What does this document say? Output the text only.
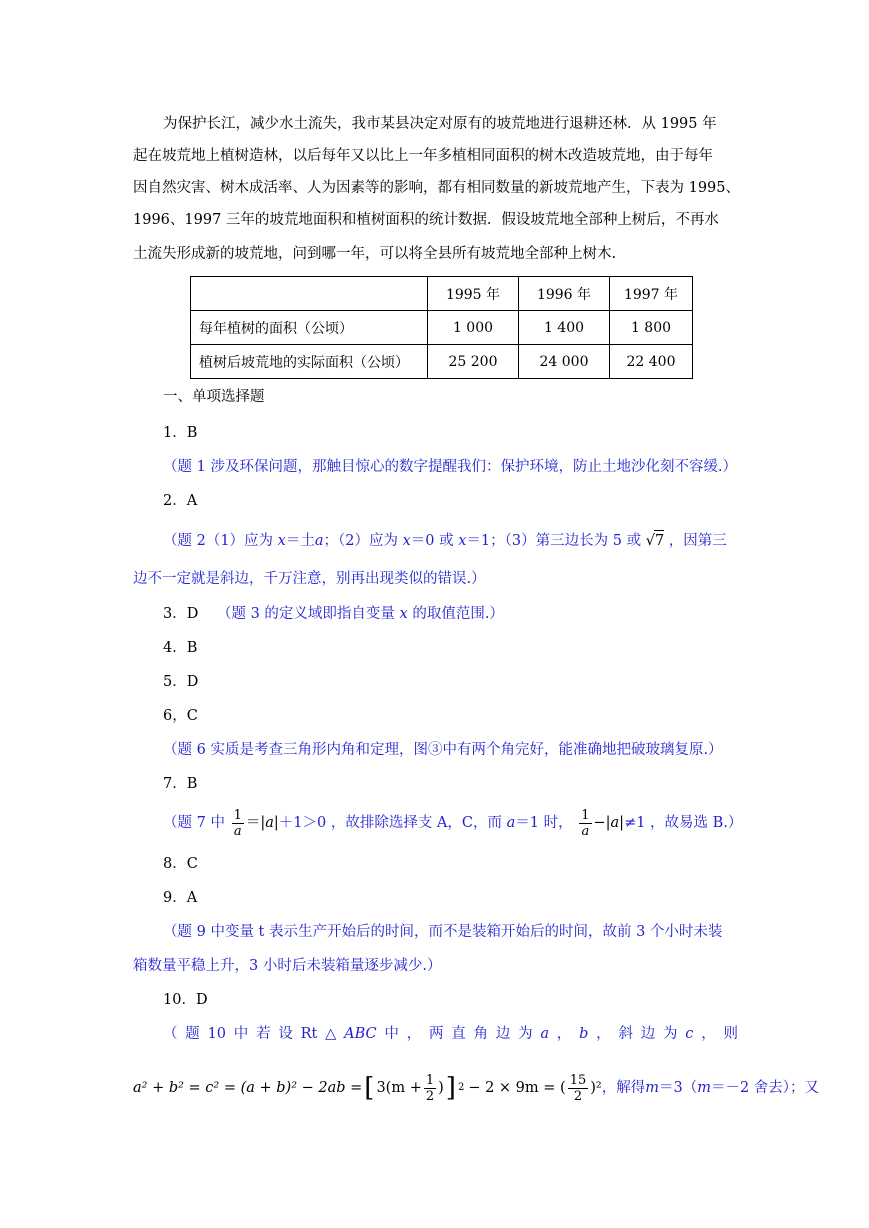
为保护长江，减少水土流失，我市某县决定对原有的坡荒地进行退耕还林．从 1995 年
起在坡荒地上植树造林，以后每年又以比上一年多植相同面积的树木改造坡荒地，由于每年
因自然灾害、树木成活率、人为因素等的影响，都有相同数量的新坡荒地产生，下表为 1995、
1996、1997 三年的坡荒地面积和植树面积的统计数据．假设坡荒地全部种上树后，不再水
土流失形成新的坡荒地，问到哪一年，可以将全县所有坡荒地全部种上树木.
	1995 年	1996 年	1997 年
每年植树的面积（公顷）	1 000	1 400	1 800
植树后坡荒地的实际面积（公顷）	25 200	24 000	22 400
一、单项选择题
1．B
（题 1 涉及环保问题，那触目惊心的数字提醒我们：保护环境，防止土地沙化刻不容缓.）
2．A
（题 2（1）应为 x＝土a；（2）应为 x＝0 或 x＝1；（3）第三边长为 5 或 √7 ，因第三
边不一定就是斜边，千万注意，别再出现类似的错误.）
3．D （题 3 的定义域即指自变量 x 的取值范围.）
4．B
5．D
6，C
（题 6 实质是考查三角形内角和定理，图③中有两个角完好，能准确地把破玻璃复原.）
7．B
（题 7 中 $\frac{1}{a} =|a|+1>0$ ，故排除选择支 A，C，而 a＝1 时， $\frac{1}{a} -|a|\ne 1$ ，故易选 B.）
8．C
9．A
（题 9 中变量 t 表示生产开始后的时间，而不是装箱开始后的时间，故前 3 个小时未装
箱数量平稳上升，3 小时后未装箱量逐步减少.）
10．D
（ 题 10 中 若 设 Rt △ ABC 中 ， 两 直 角 边 为 a ， b ， 斜 边 为 c ， 则
a² + b² = c² = (a + b)² − 2ab = [ $3(m + \frac{1}{2}$ ) ] 2 − 2 × 9m = ( $\frac{15}{2} )^2$ ，解得 m ＝3（ m ＝－2 舍去）；又
